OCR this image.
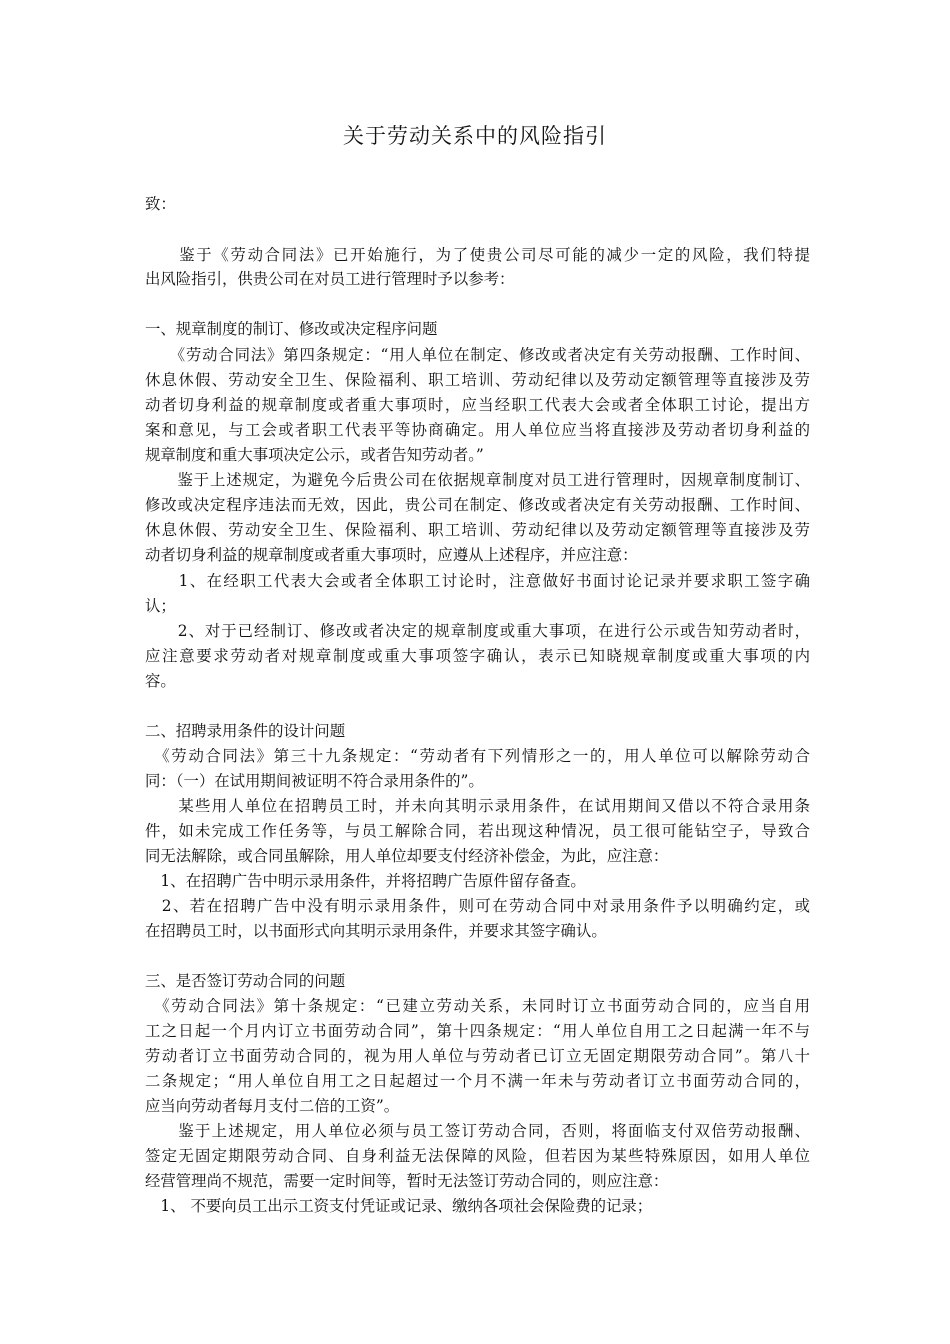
关于劳动关系中的风险指引
致：
　　鉴于《劳动合同法》已开始施行，为了使贵公司尽可能的减少一定的风险，我们特提
出风险指引，供贵公司在对员工进行管理时予以参考：
一、规章制度的制订、修改或决定程序问题
　　《劳动合同法》第四条规定：“用人单位在制定、修改或者决定有关劳动报酬、工作时间、
休息休假、劳动安全卫生、保险福利、职工培训、劳动纪律以及劳动定额管理等直接涉及劳
动者切身利益的规章制度或者重大事项时，应当经职工代表大会或者全体职工讨论，提出方
案和意见，与工会或者职工代表平等协商确定。用人单位应当将直接涉及劳动者切身利益的
规章制度和重大事项决定公示，或者告知劳动者。”
　　鉴于上述规定，为避免今后贵公司在依据规章制度对员工进行管理时，因规章制度制订、
修改或决定程序违法而无效，因此，贵公司在制定、修改或者决定有关劳动报酬、工作时间、
休息休假、劳动安全卫生、保险福利、职工培训、劳动纪律以及劳动定额管理等直接涉及劳
动者切身利益的规章制度或者重大事项时，应遵从上述程序，并应注意：
　　1、在经职工代表大会或者全体职工讨论时，注意做好书面讨论记录并要求职工签字确
认；
　　2、对于已经制订、修改或者决定的规章制度或重大事项，在进行公示或告知劳动者时，
应注意要求劳动者对规章制度或重大事项签字确认，表示已知晓规章制度或重大事项的内
容。
二、招聘录用条件的设计问题
　《劳动合同法》第三十九条规定：“劳动者有下列情形之一的，用人单位可以解除劳动合
同：（一）在试用期间被证明不符合录用条件的”。
　　某些用人单位在招聘员工时，并未向其明示录用条件，在试用期间又借以不符合录用条
件，如未完成工作任务等，与员工解除合同，若出现这种情况，员工很可能钻空子，导致合
同无法解除，或合同虽解除，用人单位却要支付经济补偿金，为此，应注意：
　1、在招聘广告中明示录用条件，并将招聘广告原件留存备查。
　2、若在招聘广告中没有明示录用条件，则可在劳动合同中对录用条件予以明确约定，或
在招聘员工时，以书面形式向其明示录用条件，并要求其签字确认。
三、是否签订劳动合同的问题
　《劳动合同法》第十条规定：“已建立劳动关系，未同时订立书面劳动合同的，应当自用
工之日起一个月内订立书面劳动合同”，第十四条规定：“用人单位自用工之日起满一年不与
劳动者订立书面劳动合同的，视为用人单位与劳动者已订立无固定期限劳动合同”。第八十
二条规定；“用人单位自用工之日起超过一个月不满一年未与劳动者订立书面劳动合同的，
应当向劳动者每月支付二倍的工资”。
　　鉴于上述规定，用人单位必须与员工签订劳动合同，否则，将面临支付双倍劳动报酬、
签定无固定期限劳动合同、自身利益无法保障的风险，但若因为某些特殊原因，如用人单位
经营管理尚不规范，需要一定时间等，暂时无法签订劳动合同的，则应注意：
　1、 不要向员工出示工资支付凭证或记录、缴纳各项社会保险费的记录；
